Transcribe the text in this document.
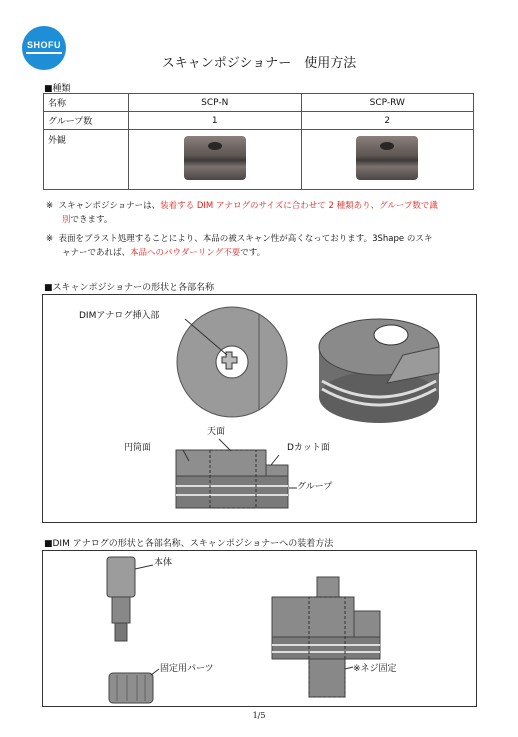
SHOFU
スキャンポジショナー　使用方法
■種類
名称	SCP-N	SCP-RW
グループ数	1	2
外観		
※ スキャンポジショナーは、装着する DIM アナログのサイズに合わせて 2 種類あり、グループ数で識
別できます。
※ 表面をブラスト処理することにより、本品の被スキャン性が高くなっております。3Shape のスキ
ャナーであれば、本品へのパウダーリング不要です。
■スキャンポジショナーの形状と各部名称
DIMアナログ挿入部
天面
円筒面	Dカット面
グループ
■DIM アナログの形状と各部名称、スキャンポジショナーへの装着方法
本体
固定用パーツ	※ネジ固定
1/5
